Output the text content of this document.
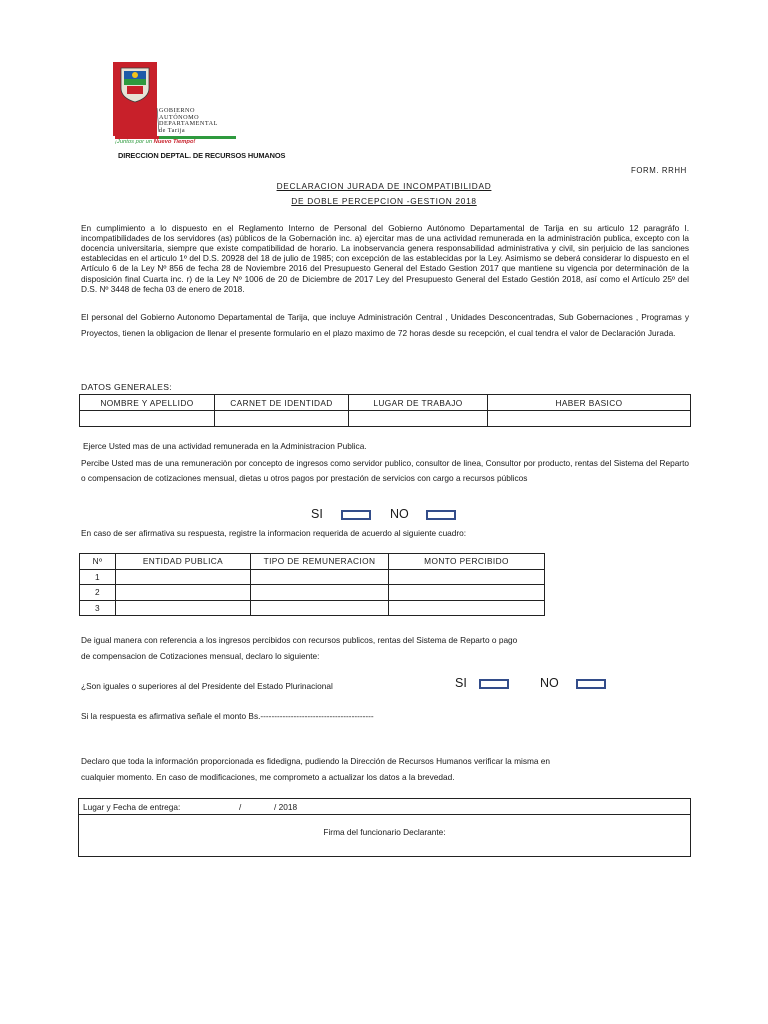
GOBIERNO
AUTÓNOMO
DEPARTAMENTAL
de Tarija
¡Juntos por un Nuevo Tiempo!
DIRECCION DEPTAL. DE RECURSOS HUMANOS
FORM. RRHH
DECLARACION JURADA DE INCOMPATIBILIDAD
DE DOBLE PERCEPCION -GESTION 2018
En cumplimiento a lo dispuesto en el Reglamento Interno de Personal del Gobierno Autónomo Departamental de Tarija en su articulo 12 paragráfo I. incompatibilidades de los servidores (as) públicos de la Gobernación inc. a) ejercitar mas de una actividad remunerada en la administración publica, excepto con la docencia universitaria, siempre que existe compatibilidad de horario. La inobservancia genera responsabilidad administrativa y civil, sin perjuicio de las sanciones establecidas en el articulo 1º del D.S. 20928 del 18 de julio de 1985; con excepción de las establecidas por la Ley. Asimismo se deberá considerar lo dispuesto en el Artículo 6 de la Ley Nº 856 de fecha 28 de Noviembre 2016 del Presupuesto General del Estado Gestion 2017 que mantiene su vigencia por determinación de la disposición final Cuarta inc. r) de la Ley Nº 1006 de 20 de Diciembre de 2017 Ley del Presupuesto General del Estado Gestión 2018, así como el Artículo 25º del D.S. Nº 3448 de fecha 03 de enero de 2018.
El personal del Gobierno Autonomo Departamental de Tarija, que incluye Administración Central , Unidades Desconcentradas, Sub Gobernaciones , Programas y Proyectos, tienen la obligacion de llenar el presente formulario en el plazo maximo de 72 horas desde su recepción, el cual tendra el valor de Declaración Jurada.
DATOS GENERALES:
NOMBRE Y APELLIDO	CARNET DE IDENTIDAD	LUGAR DE TRABAJO	HABER BASICO

Ejerce Usted mas de una actividad remunerada en la Administracion Publica.
Percibe Usted mas de una remuneraciòn por concepto de ingresos como servidor publico, consultor de linea, Consultor por producto, rentas del Sistema del Reparto o compensacion de cotizaciones mensual, dietas u otros pagos por prestación de servicios con cargo a recursos públicos
SI	NO
En caso de ser afirmativa su respuesta, registre la informacion requerida de acuerdo al siguiente cuadro:
Nº	ENTIDAD PUBLICA	TIPO DE REMUNERACION	MONTO PERCIBIDO
1			
2			
3			
De igual manera con referencia a los ingresos percibidos con recursos publicos, rentas del Sistema de Reparto o pago
de compensacion de Cotizaciones mensual, declaro lo siguiente:
¿Son iguales o superiores al del Presidente del Estado Plurinacional	SI	NO
Si la respuesta es afirmativa señale el monto Bs.-----------------------------------------
Declaro que toda la información proporcionada es fidedigna, pudiendo la Dirección de Recursos Humanos verificar la misma en
cualquier momento. En caso de modificaciones, me comprometo a actualizar los datos a la brevedad.
Lugar y Fecha de entrega:	/	/ 2018
Firma del funcionario Declarante:
